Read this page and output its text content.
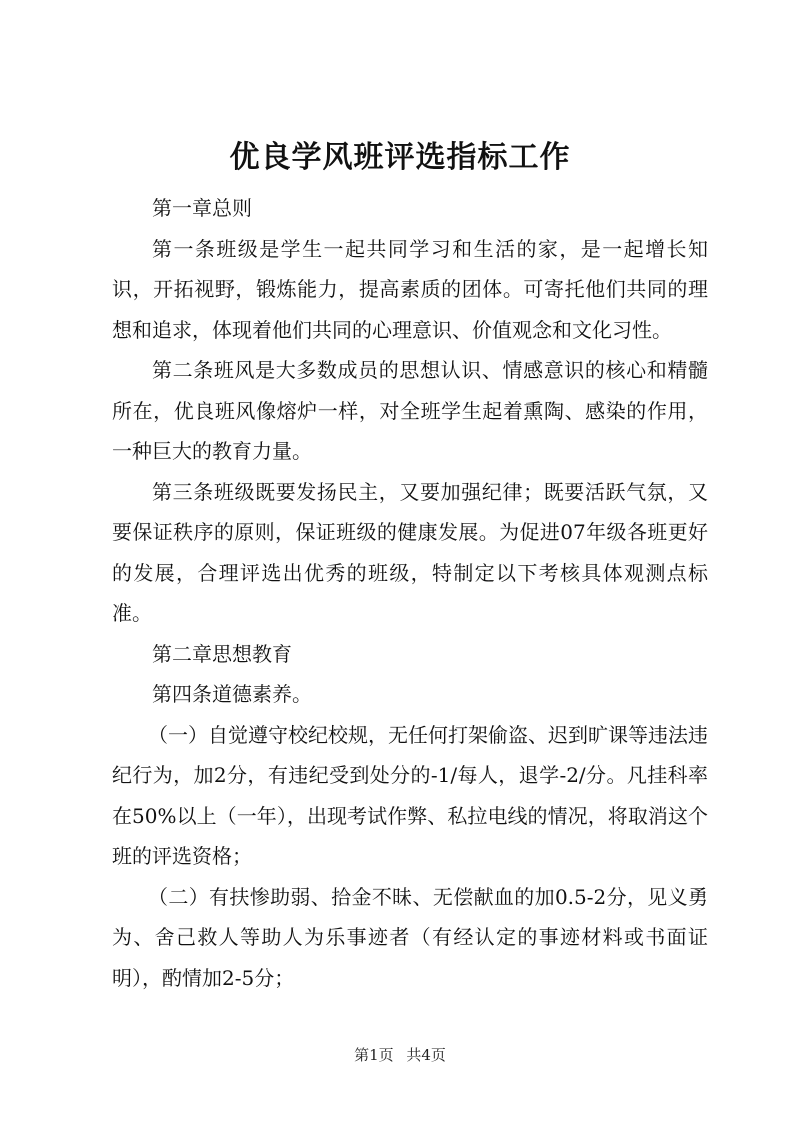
优良学风班评选指标工作

第一章总则

第一条班级是学生一起共同学习和生活的家，是一起增长知识，开拓视野，锻炼能力，提高素质的团体。可寄托他们共同的理想和追求，体现着他们共同的心理意识、价值观念和文化习性。

第二条班风是大多数成员的思想认识、情感意识的核心和精髓所在，优良班风像熔炉一样，对全班学生起着熏陶、感染的作用，一种巨大的教育力量。

第三条班级既要发扬民主，又要加强纪律；既要活跃气氛，又要保证秩序的原则，保证班级的健康发展。为促进07年级各班更好的发展，合理评选出优秀的班级，特制定以下考核具体观测点标准。

第二章思想教育

第四条道德素养。

（一）自觉遵守校纪校规，无任何打架偷盗、迟到旷课等违法违纪行为，加2分，有违纪受到处分的-1/每人，退学-2/分。凡挂科率在50%以上（一年），出现考试作弊、私拉电线的情况，将取消这个班的评选资格；

（二）有扶惨助弱、拾金不昧、无偿献血的加0.5-2分，见义勇为、舍己救人等助人为乐事迹者（有经认定的事迹材料或书面证明），酌情加2-5分；

第1页 共4页
